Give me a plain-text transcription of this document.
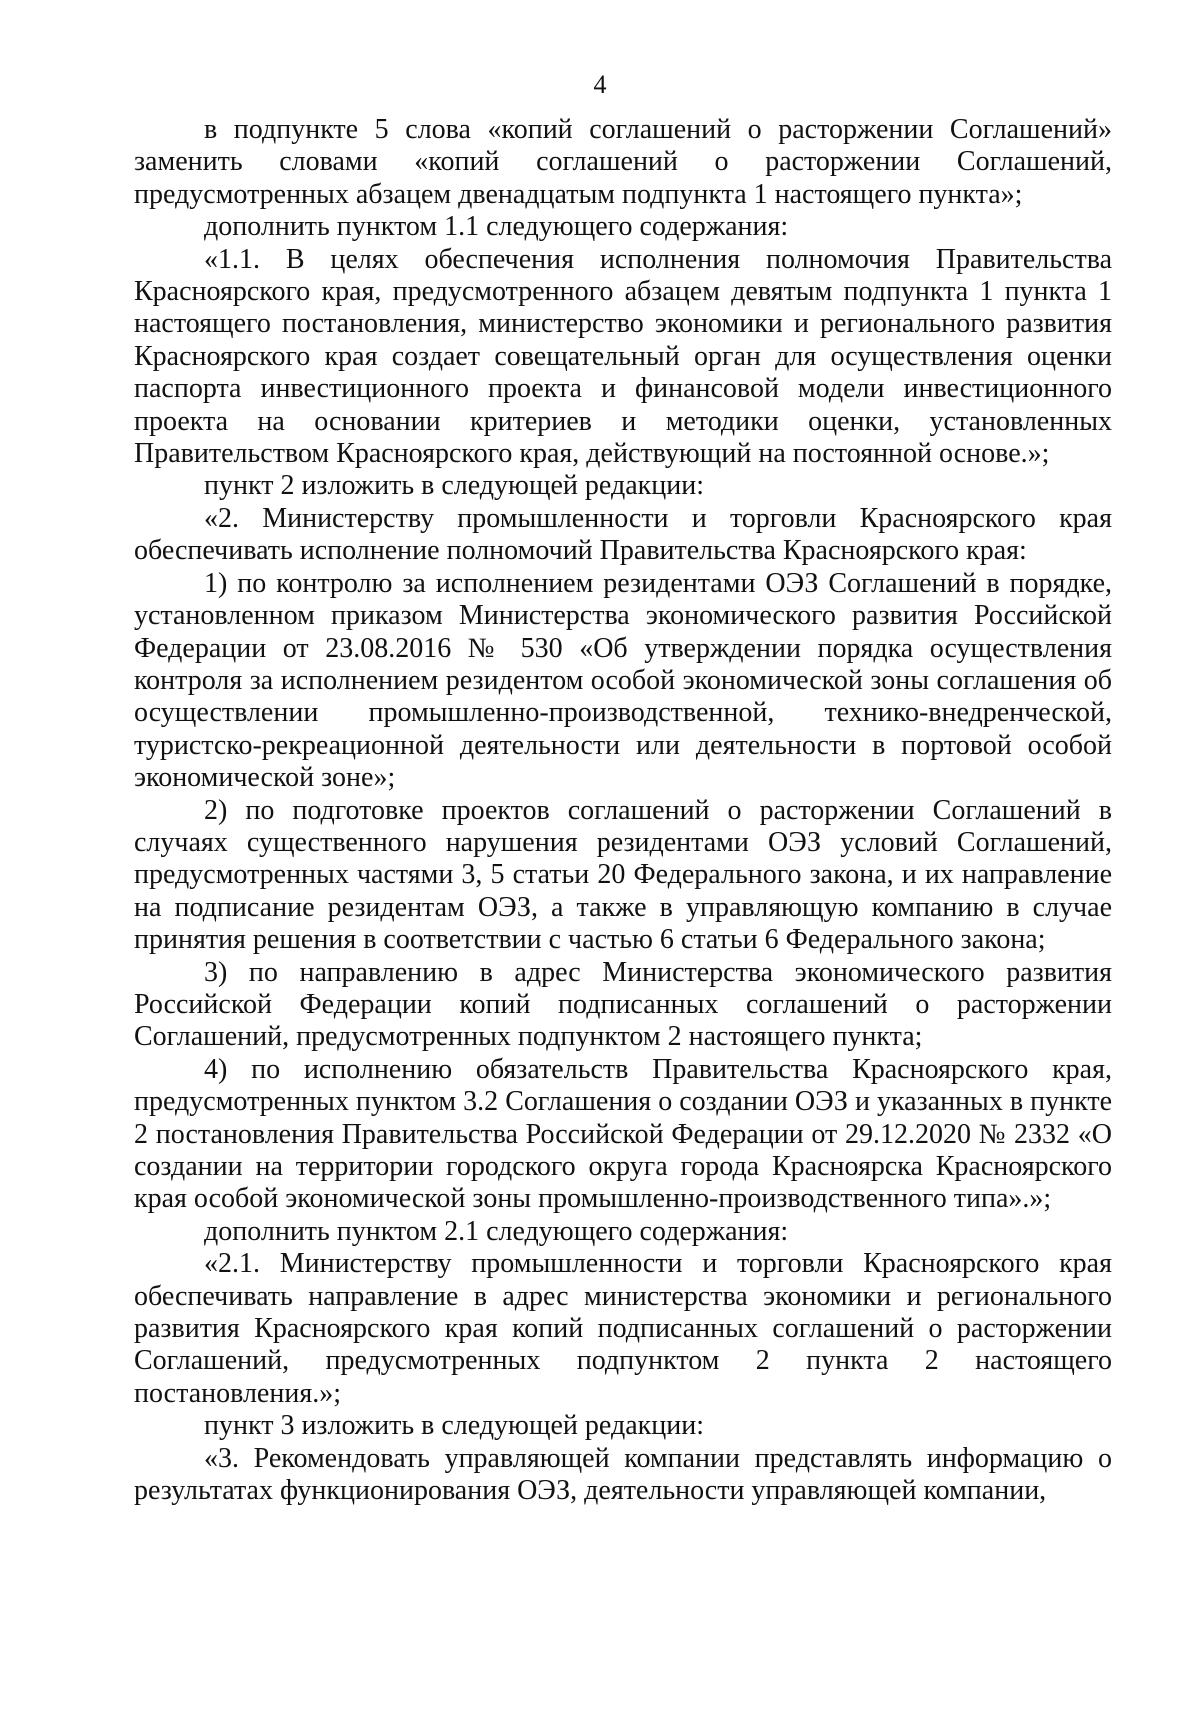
4

в подпункте 5 слова «копий соглашений о расторжении Соглашений» заменить словами «копий соглашений о расторжении Соглашений, предусмотренных абзацем двенадцатым подпункта 1 настоящего пункта»;

дополнить пунктом 1.1 следующего содержания:

«1.1. В целях обеспечения исполнения полномочия Правительства Красноярского края, предусмотренного абзацем девятым подпункта 1 пункта 1 настоящего постановления, министерство экономики и регионального развития Красноярского края создает совещательный орган для осуществления оценки паспорта инвестиционного проекта и финансовой модели инвестиционного проекта на основании критериев и методики оценки, установленных Правительством Красноярского края, действующий на постоянной основе.»;

пункт 2 изложить в следующей редакции:

«2. Министерству промышленности и торговли Красноярского края обеспечивать исполнение полномочий Правительства Красноярского края:

1) по контролю за исполнением резидентами ОЭЗ Соглашений в порядке, установленном приказом Министерства экономического развития Российской Федерации от 23.08.2016 № 530 «Об утверждении порядка осуществления контроля за исполнением резидентом особой экономической зоны соглашения об осуществлении промышленно-производственной, технико-внедренческой, туристско-рекреационной деятельности или деятельности в портовой особой экономической зоне»;

2) по подготовке проектов соглашений о расторжении Соглашений в случаях существенного нарушения резидентами ОЭЗ условий Соглашений, предусмотренных частями 3, 5 статьи 20 Федерального закона, и их направление на подписание резидентам ОЭЗ, а также в управляющую компанию в случае принятия решения в соответствии с частью 6 статьи 6 Федерального закона;

3) по направлению в адрес Министерства экономического развития Российской Федерации копий подписанных соглашений о расторжении Соглашений, предусмотренных подпунктом 2 настоящего пункта;

4) по исполнению обязательств Правительства Красноярского края, предусмотренных пунктом 3.2 Соглашения о создании ОЭЗ и указанных в пункте 2 постановления Правительства Российской Федерации от 29.12.2020 № 2332 «О создании на территории городского округа города Красноярска Красноярского края особой экономической зоны промышленно-производственного типа».»;

дополнить пунктом 2.1 следующего содержания:

«2.1. Министерству промышленности и торговли Красноярского края обеспечивать направление в адрес министерства экономики и регионального развития Красноярского края копий подписанных соглашений о расторжении Соглашений, предусмотренных подпунктом 2 пункта 2 настоящего постановления.»;

пункт 3 изложить в следующей редакции:

«3. Рекомендовать управляющей компании представлять информацию о результатах функционирования ОЭЗ, деятельности управляющей компании,
